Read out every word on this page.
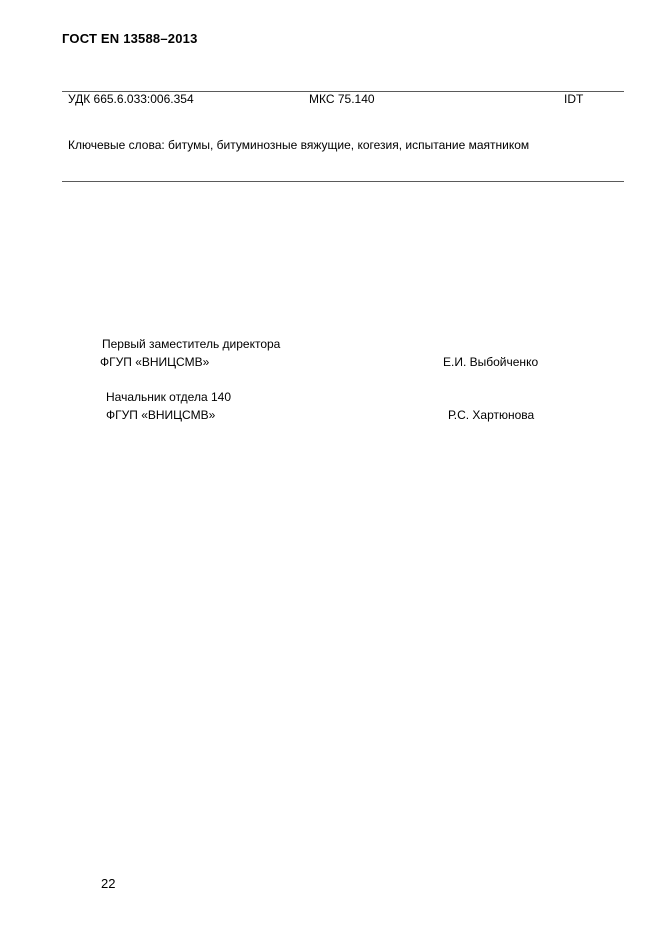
ГОСТ EN 13588–2013
УДК 665.6.033:006.354	МКС 75.140	IDT
Ключевые слова: битумы, битуминозные вяжущие, когезия, испытание маятником
Первый заместитель директора
ФГУП «ВНИЦСМВ»	Е.И. Выбойченко
Начальник отдела 140
ФГУП «ВНИЦСМВ»	Р.С. Хартюнова
22
